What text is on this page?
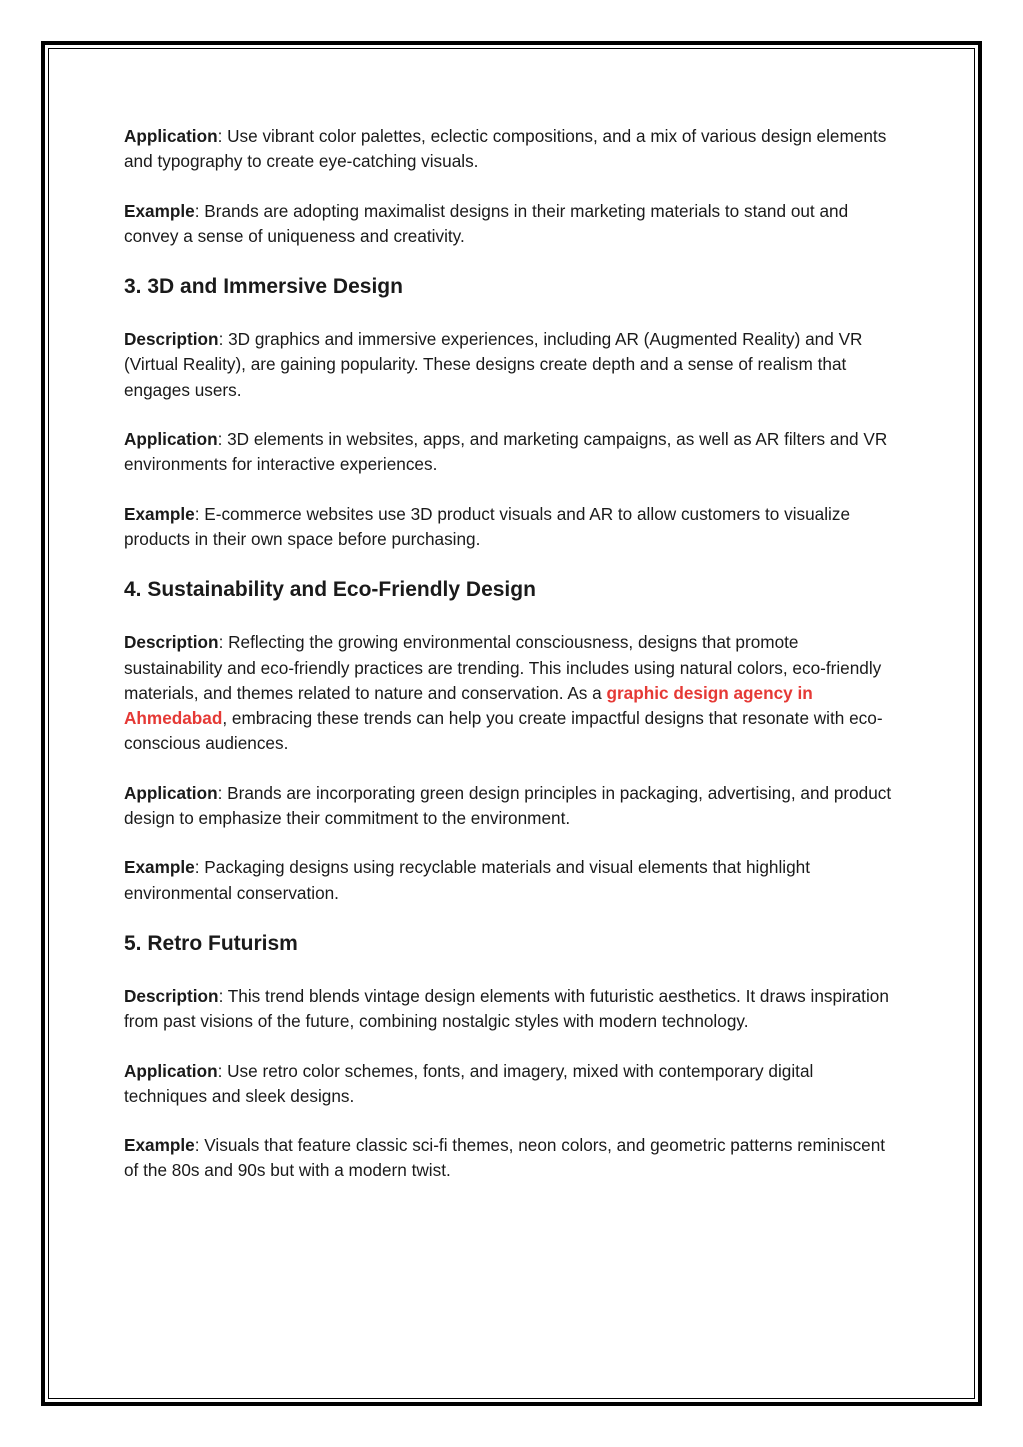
Application: Use vibrant color palettes, eclectic compositions, and a mix of various design elements and typography to create eye-catching visuals.

Example: Brands are adopting maximalist designs in their marketing materials to stand out and convey a sense of uniqueness and creativity.

3. 3D and Immersive Design

Description: 3D graphics and immersive experiences, including AR (Augmented Reality) and VR (Virtual Reality), are gaining popularity. These designs create depth and a sense of realism that engages users.

Application: 3D elements in websites, apps, and marketing campaigns, as well as AR filters and VR environments for interactive experiences.

Example: E-commerce websites use 3D product visuals and AR to allow customers to visualize products in their own space before purchasing.

4. Sustainability and Eco-Friendly Design

Description: Reflecting the growing environmental consciousness, designs that promote sustainability and eco-friendly practices are trending. This includes using natural colors, eco-friendly materials, and themes related to nature and conservation. As a graphic design agency in Ahmedabad, embracing these trends can help you create impactful designs that resonate with eco-conscious audiences.

Application: Brands are incorporating green design principles in packaging, advertising, and product design to emphasize their commitment to the environment.

Example: Packaging designs using recyclable materials and visual elements that highlight environmental conservation.

5. Retro Futurism

Description: This trend blends vintage design elements with futuristic aesthetics. It draws inspiration from past visions of the future, combining nostalgic styles with modern technology.

Application: Use retro color schemes, fonts, and imagery, mixed with contemporary digital techniques and sleek designs.

Example: Visuals that feature classic sci-fi themes, neon colors, and geometric patterns reminiscent of the 80s and 90s but with a modern twist.
